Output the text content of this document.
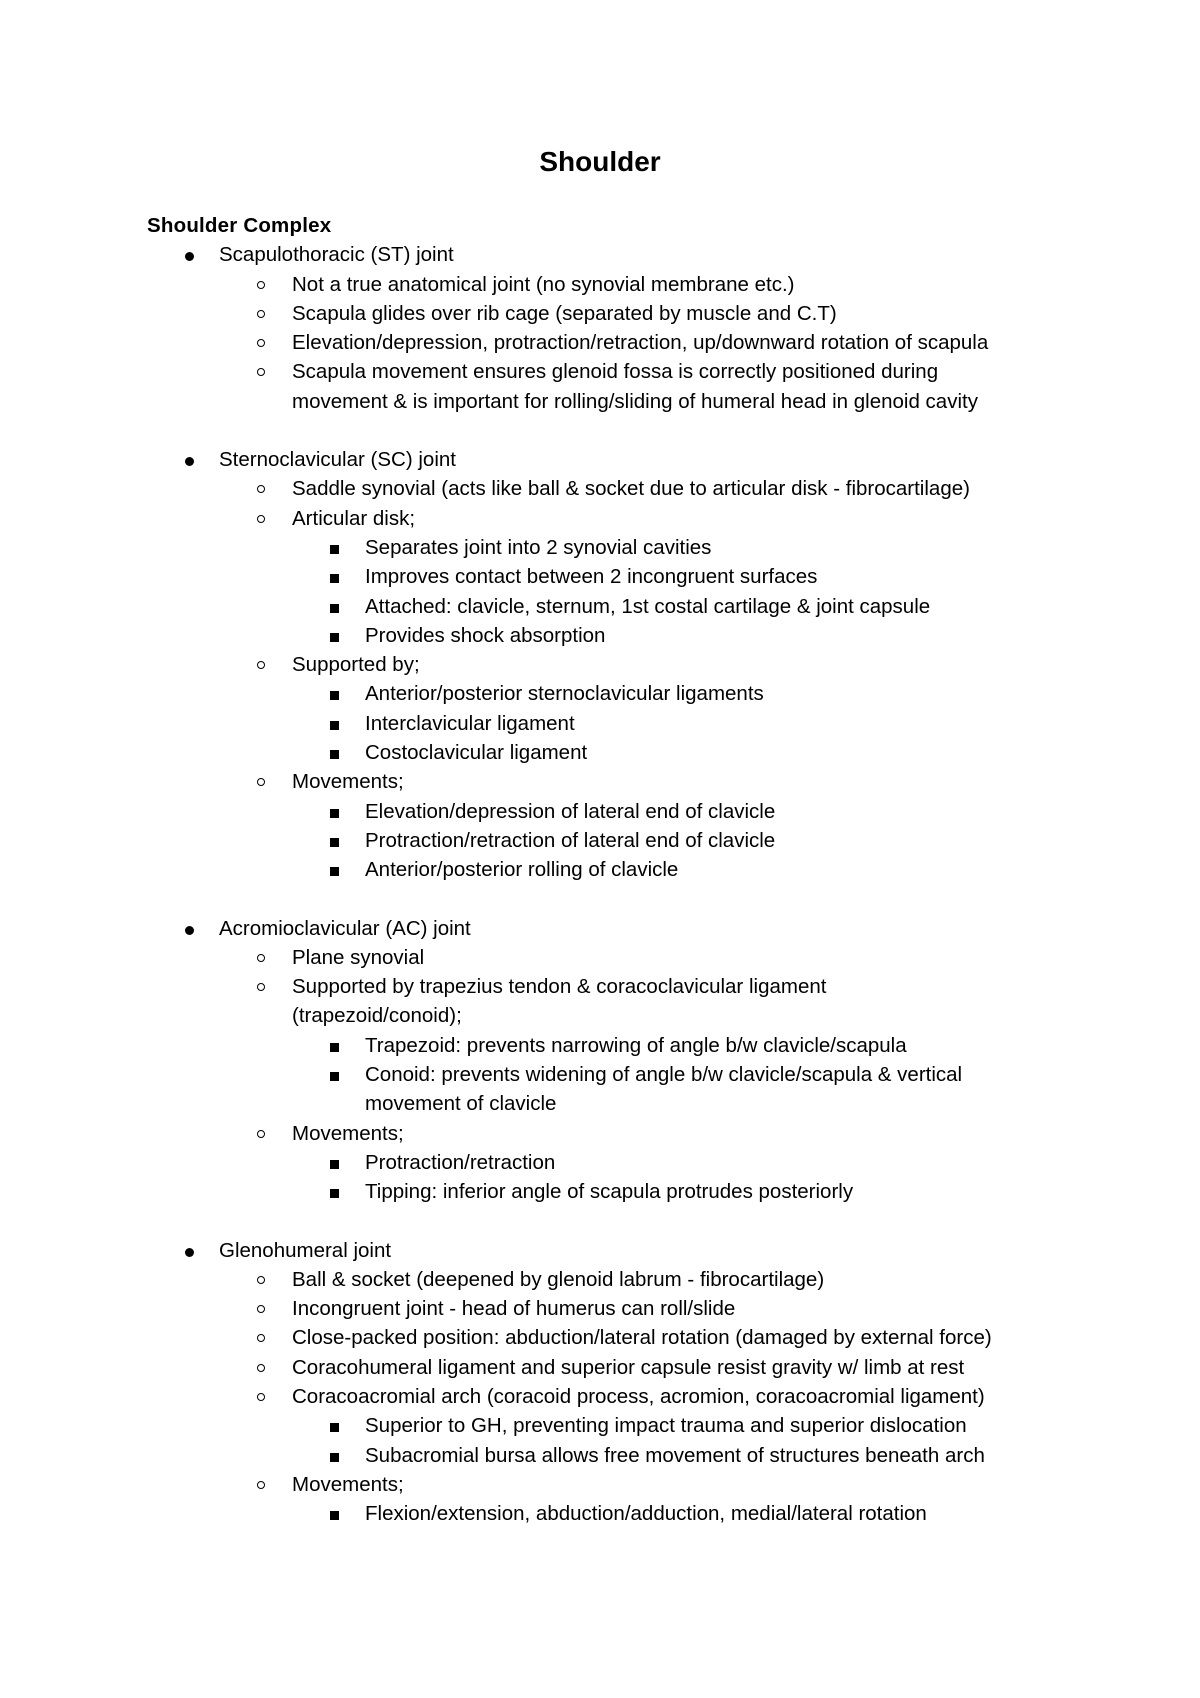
Shoulder

Shoulder Complex

Scapulothoracic (ST) joint
Not a true anatomical joint (no synovial membrane etc.)
Scapula glides over rib cage (separated by muscle and C.T)
Elevation/depression, protraction/retraction, up/downward rotation of scapula
Scapula movement ensures glenoid fossa is correctly positioned during
movement & is important for rolling/sliding of humeral head in glenoid cavity
Sternoclavicular (SC) joint
Saddle synovial (acts like ball & socket due to articular disk - fibrocartilage)
Articular disk;
Separates joint into 2 synovial cavities
Improves contact between 2 incongruent surfaces
Attached: clavicle, sternum, 1st costal cartilage & joint capsule
Provides shock absorption
Supported by;
Anterior/posterior sternoclavicular ligaments
Interclavicular ligament
Costoclavicular ligament
Movements;
Elevation/depression of lateral end of clavicle
Protraction/retraction of lateral end of clavicle
Anterior/posterior rolling of clavicle
Acromioclavicular (AC) joint
Plane synovial
Supported by trapezius tendon & coracoclavicular ligament
(trapezoid/conoid);
Trapezoid: prevents narrowing of angle b/w clavicle/scapula
Conoid: prevents widening of angle b/w clavicle/scapula & vertical
movement of clavicle
Movements;
Protraction/retraction
Tipping: inferior angle of scapula protrudes posteriorly
Glenohumeral joint
Ball & socket (deepened by glenoid labrum - fibrocartilage)
Incongruent joint - head of humerus can roll/slide
Close-packed position: abduction/lateral rotation (damaged by external force)
Coracohumeral ligament and superior capsule resist gravity w/ limb at rest
Coracoacromial arch (coracoid process, acromion, coracoacromial ligament)
Superior to GH, preventing impact trauma and superior dislocation
Subacromial bursa allows free movement of structures beneath arch
Movements;
Flexion/extension, abduction/adduction, medial/lateral rotation
